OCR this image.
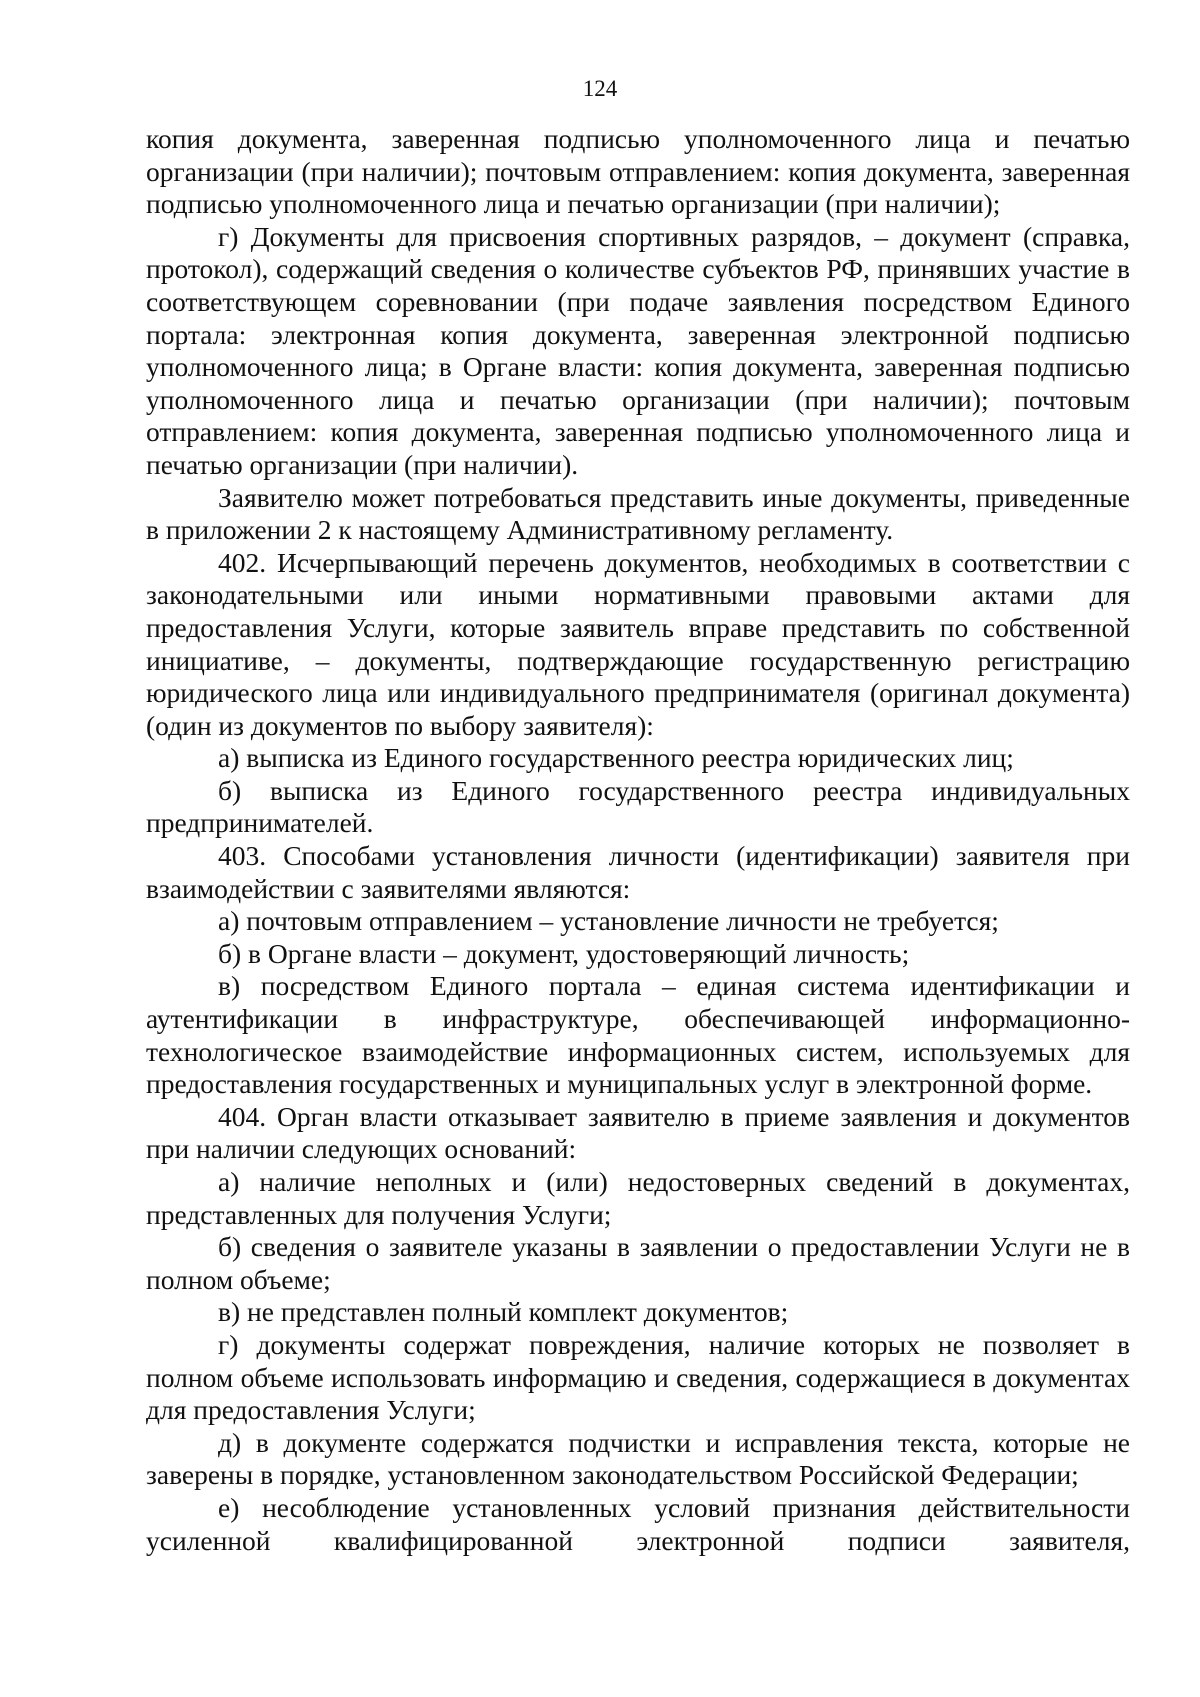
124

копия документа, заверенная подписью уполномоченного лица и печатью организации (при наличии); почтовым отправлением: копия документа, заверенная подписью уполномоченного лица и печатью организации (при наличии);

г) Документы для присвоения спортивных разрядов, – документ (справка, протокол), содержащий сведения о количестве субъектов РФ, принявших участие в соответствующем соревновании (при подаче заявления посредством Единого портала: электронная копия документа, заверенная электронной подписью уполномоченного лица; в Органе власти: копия документа, заверенная подписью уполномоченного лица и печатью организации (при наличии); почтовым отправлением: копия документа, заверенная подписью уполномоченного лица и печатью организации (при наличии).

Заявителю может потребоваться представить иные документы, приведенные в приложении 2 к настоящему Административному регламенту.

402. Исчерпывающий перечень документов, необходимых в соответствии с законодательными или иными нормативными правовыми актами для предоставления Услуги, которые заявитель вправе представить по собственной инициативе, – документы, подтверждающие государственную регистрацию юридического лица или индивидуального предпринимателя (оригинал документа) (один из документов по выбору заявителя):

а) выписка из Единого государственного реестра юридических лиц;

б) выписка из Единого государственного реестра индивидуальных предпринимателей.

403. Способами установления личности (идентификации) заявителя при взаимодействии с заявителями являются:

а) почтовым отправлением – установление личности не требуется;

б) в Органе власти – документ, удостоверяющий личность;

в) посредством Единого портала – единая система идентификации и аутентификации в инфраструктуре, обеспечивающей информационно-технологическое взаимодействие информационных систем, используемых для предоставления государственных и муниципальных услуг в электронной форме.

404. Орган власти отказывает заявителю в приеме заявления и документов при наличии следующих оснований:

а) наличие неполных и (или) недостоверных сведений в документах, представленных для получения Услуги;

б) сведения о заявителе указаны в заявлении о предоставлении Услуги не в полном объеме;

в) не представлен полный комплект документов;

г) документы содержат повреждения, наличие которых не позволяет в полном объеме использовать информацию и сведения, содержащиеся в документах для предоставления Услуги;

д) в документе содержатся подчистки и исправления текста, которые не заверены в порядке, установленном законодательством Российской Федерации;

е) несоблюдение установленных условий признания действительности усиленной квалифицированной электронной подписи заявителя,
